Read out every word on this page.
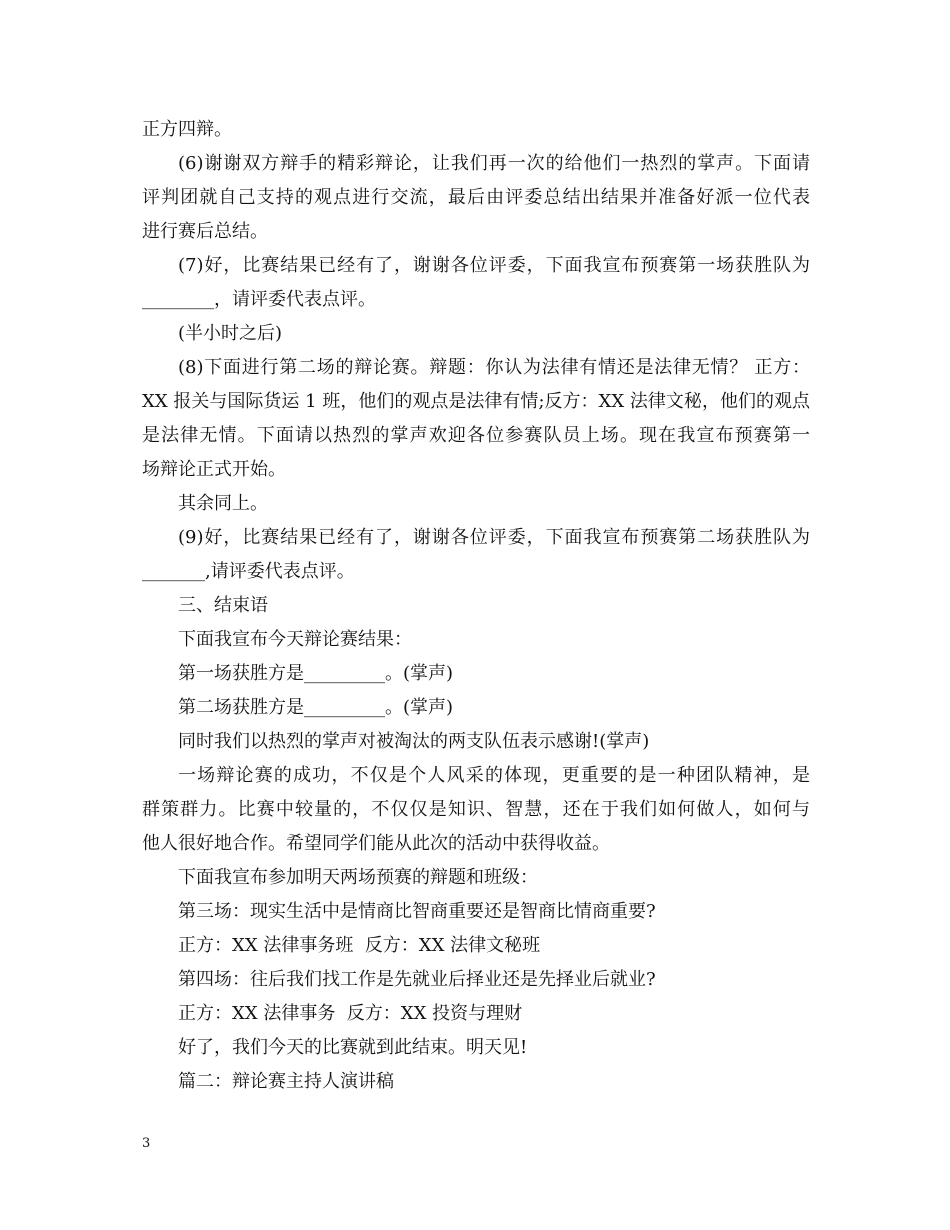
正方四辩。
(6)谢谢双方辩手的精彩辩论，让我们再一次的给他们一热烈的掌声。下面请
评判团就自己支持的观点进行交流，最后由评委总结出结果并准备好派一位代表
进行赛后总结。
(7)好，比赛结果已经有了，谢谢各位评委，下面我宣布预赛第一场获胜队为
________，请评委代表点评。
(半小时之后)
(8)下面进行第二场的辩论赛。辩题：你认为法律有情还是法律无情？ 正方：
XX 报关与国际货运 1 班，他们的观点是法律有情;反方：XX 法律文秘，他们的观点
是法律无情。下面请以热烈的掌声欢迎各位参赛队员上场。现在我宣布预赛第一
场辩论正式开始。
其余同上。
(9)好，比赛结果已经有了，谢谢各位评委，下面我宣布预赛第二场获胜队为
_______,请评委代表点评。
三、结束语
下面我宣布今天辩论赛结果：
第一场获胜方是_________。(掌声)
第二场获胜方是_________。(掌声)
同时我们以热烈的掌声对被淘汰的两支队伍表示感谢!(掌声)
一场辩论赛的成功，不仅是个人风采的体现，更重要的是一种团队精神，是
群策群力。比赛中较量的，不仅仅是知识、智慧，还在于我们如何做人，如何与
他人很好地合作。希望同学们能从此次的活动中获得收益。
下面我宣布参加明天两场预赛的辩题和班级：
第三场：现实生活中是情商比智商重要还是智商比情商重要?
正方：XX 法律事务班  反方：XX 法律文秘班
第四场：往后我们找工作是先就业后择业还是先择业后就业?
正方：XX 法律事务  反方：XX 投资与理财
好了，我们今天的比赛就到此结束。明天见!
篇二：辩论赛主持人演讲稿
3
